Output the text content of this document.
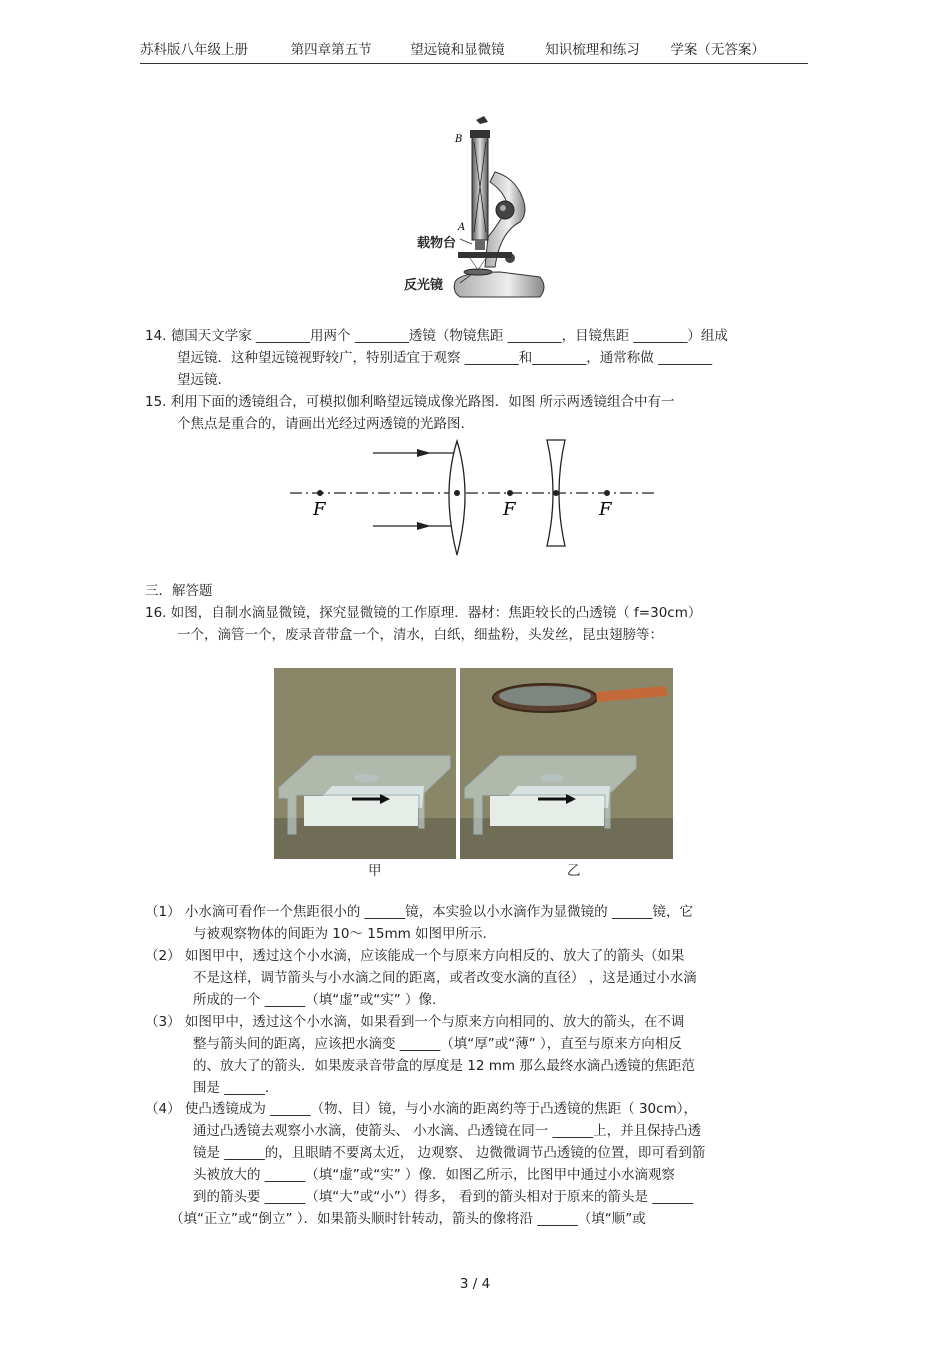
苏科版八年级上册	第四章第五节	望远镜和显微镜	知识梳理和练习 学案（无答案）
B
A
载物台
反光镜
14. 德国天文学家 ________用两个 ________透镜（物镜焦距 ________，目镜焦距 ________）组成
望远镜．这种望远镜视野较广，特别适宜于观察 ________和________，通常称做 ________
望远镜.
15. 利用下面的透镜组合，可模拟伽利略望远镜成像光路图．如图 所示两透镜组合中有一
个焦点是重合的，请画出光经过两透镜的光路图.
F	F	F
三．解答题
16. 如图，自制水滴显微镜，探究显微镜的工作原理．器材：焦距较长的凸透镜（ f=30cm）
一个，滴管一个，废录音带盒一个，清水，白纸，细盐粉，头发丝，昆虫翅膀等：
甲	乙
（1） 小水滴可看作一个焦距很小的 ______镜，本实验以小水滴作为显微镜的 ______镜，它
与被观察物体的间距为 10～ 15mm 如图甲所示.
（2） 如图甲中，透过这个小水滴，应该能成一个与原来方向相反的、放大了的箭头（如果
不是这样，调节箭头与小水滴之间的距离，或者改变水滴的直径） ，这是通过小水滴
所成的一个 ______（填“虚”或“实” ）像.
（3） 如图甲中，透过这个小水滴，如果看到一个与原来方向相同的、放大的箭头，在不调
整与箭头间的距离，应该把水滴变 ______（填“厚”或“薄” ），直至与原来方向相反
的、放大了的箭头．如果废录音带盒的厚度是 12 mm 那么最终水滴凸透镜的焦距范
围是 ______.
（4） 使凸透镜成为 ______（物、目）镜，与小水滴的距离约等于凸透镜的焦距（ 30cm），
通过凸透镜去观察小水滴，使箭头、 小水滴、凸透镜在同一 ______上，并且保持凸透
镜是 ______的，且眼睛不要离太近， 边观察、 边微微调节凸透镜的位置，即可看到箭
头被放大的 ______（填“虚”或“实” ）像．如图乙所示，比图甲中通过小水滴观察
到的箭头要 ______（填“大”或“小”）得多， 看到的箭头相对于原来的箭头是 ______
（填“正立”或“倒立” ）．如果箭头顺时针转动，箭头的像将沿 ______（填“顺”或
3 / 4
